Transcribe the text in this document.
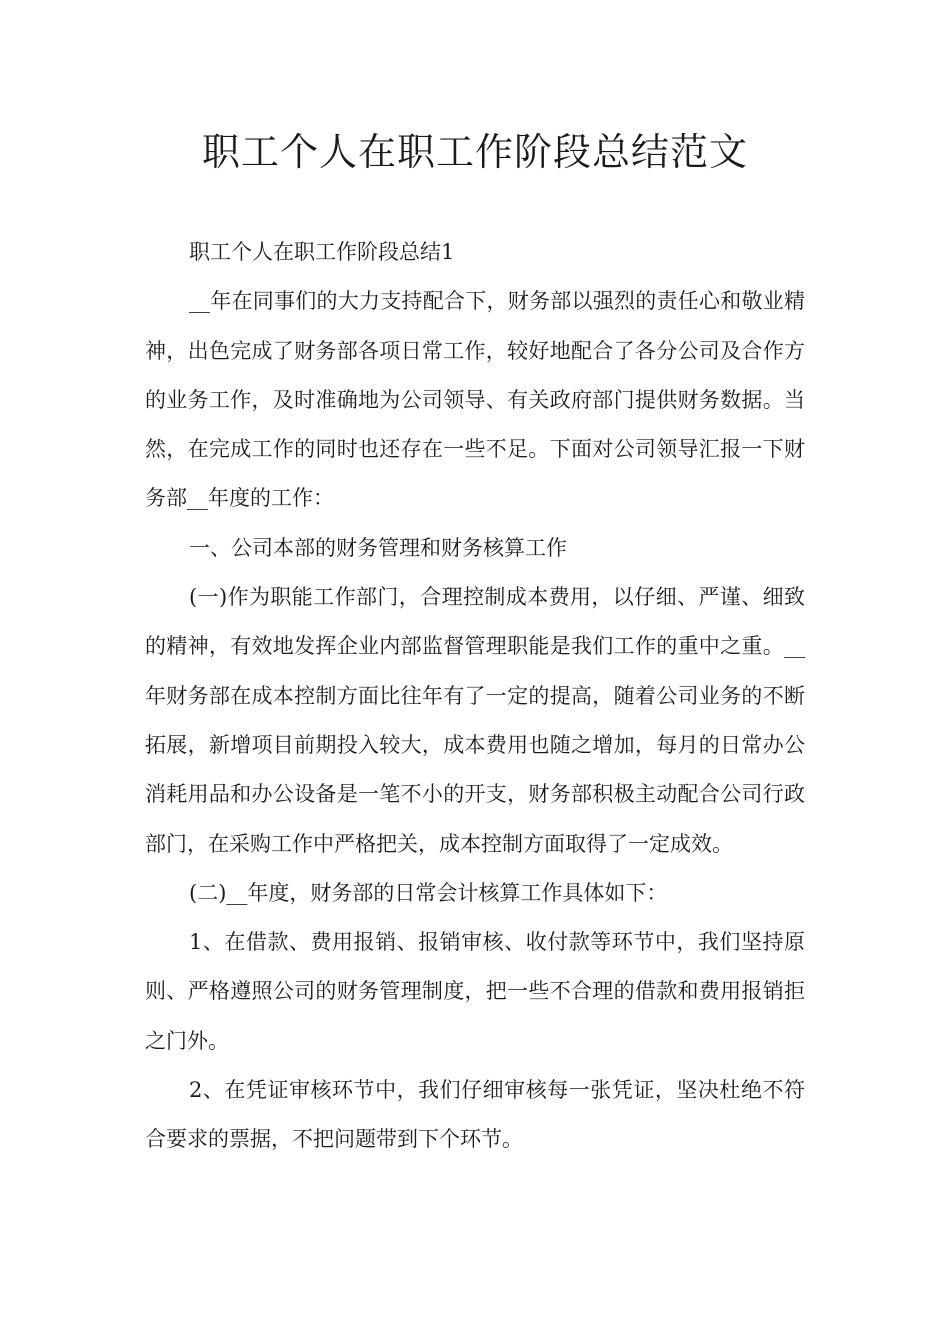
职工个人在职工作阶段总结范文

职工个人在职工作阶段总结1

__年在同事们的大力支持配合下，财务部以强烈的责任心和敬业精神，出色完成了财务部各项日常工作，较好地配合了各分公司及合作方的业务工作，及时准确地为公司领导、有关政府部门提供财务数据。当然，在完成工作的同时也还存在一些不足。下面对公司领导汇报一下财务部__年度的工作：

一、公司本部的财务管理和财务核算工作

(一)作为职能工作部门，合理控制成本费用，以仔细、严谨、细致的精神，有效地发挥企业内部监督管理职能是我们工作的重中之重。__年财务部在成本控制方面比往年有了一定的提高，随着公司业务的不断拓展，新增项目前期投入较大，成本费用也随之增加，每月的日常办公消耗用品和办公设备是一笔不小的开支，财务部积极主动配合公司行政部门，在采购工作中严格把关，成本控制方面取得了一定成效。

(二)__年度，财务部的日常会计核算工作具体如下：

1、在借款、费用报销、报销审核、收付款等环节中，我们坚持原则、严格遵照公司的财务管理制度，把一些不合理的借款和费用报销拒之门外。

2、在凭证审核环节中，我们仔细审核每一张凭证，坚决杜绝不符合要求的票据，不把问题带到下个环节。
